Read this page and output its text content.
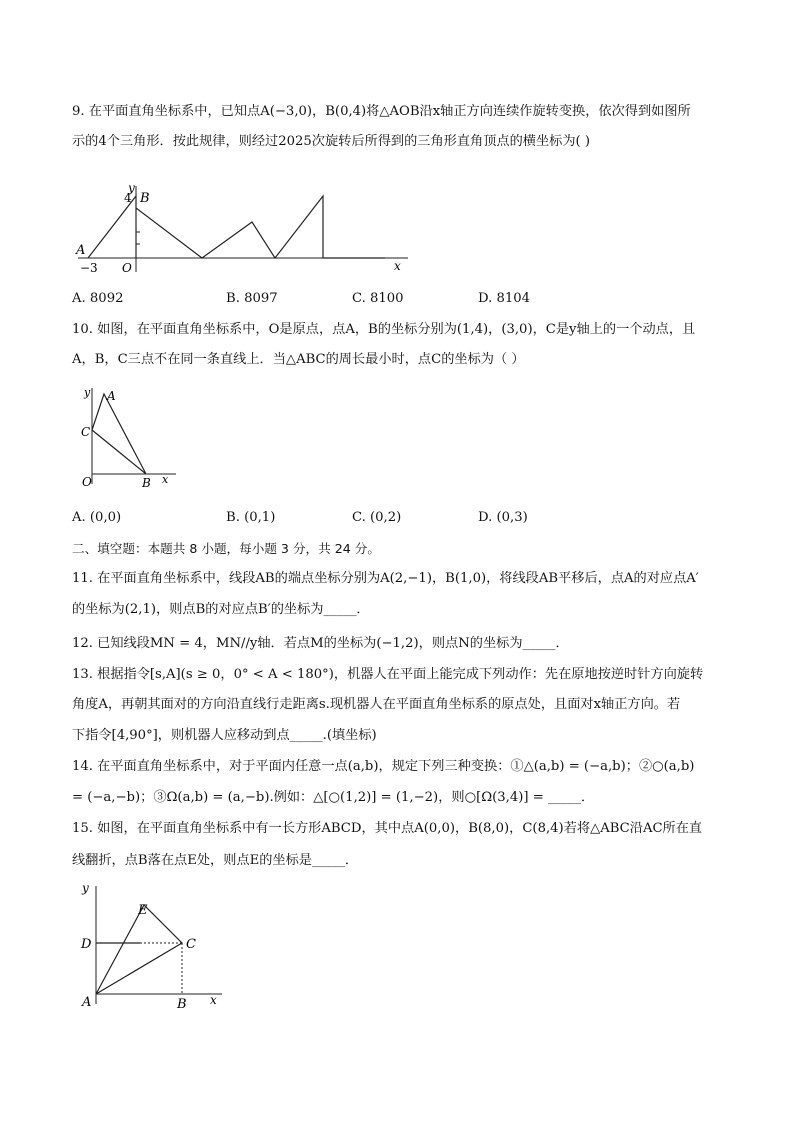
9. 在平面直角坐标系中，已知点A(−3,0)，B(0,4)将△AOB沿x轴正方向连续作旋转变换，依次得到如图所
示的4个三角形．按此规律，则经过2025次旋转后所得到的三角形直角顶点的横坐标为( )
y
4 B
A
−3 O	x
A. 8092	B. 8097	C. 8100	D. 8104
10. 如图，在平面直角坐标系中，O是原点，点A，B的坐标分别为(1,4)，(3,0)，C是y轴上的一个动点，且
A，B，C三点不在同一条直线上．当△ABC的周长最小时，点C的坐标为（ ）
y A
C
O	B x
A. (0,0)	B. (0,1)	C. (0,2)	D. (0,3)
二、填空题：本题共 8 小题，每小题 3 分，共 24 分。
11. 在平面直角坐标系中，线段AB的端点坐标分别为A(2,−1)，B(1,0)，将线段AB平移后，点A的对应点A′
的坐标为(2,1)，则点B的对应点B′的坐标为_____．
12. 已知线段MN = 4，MN//y轴．若点M的坐标为(−1,2)，则点N的坐标为_____．
13. 根据指令[s,A](s ≥ 0，0° < A < 180°)，机器人在平面上能完成下列动作：先在原地按逆时针方向旋转
角度A，再朝其面对的方向沿直线行走距离s.现机器人在平面直角坐标系的原点处，且面对x轴正方向。若
下指令[4,90°]，则机器人应移动到点_____.(填坐标)
14. 在平面直角坐标系中，对于平面内任意一点(a,b)，规定下列三种变换：①△(a,b) = (−a,b)；②○(a,b)
= (−a,−b)；③Ω(a,b) = (a,−b).例如：△[○(1,2)] = (1,−2)，则○[Ω(3,4)] = _____．
15. 如图，在平面直角坐标系中有一长方形ABCD，其中点A(0,0)，B(8,0)，C(8,4)若将△ABC沿AC所在直
线翻折，点B落在点E处，则点E的坐标是_____．
y
E
D	C
A	B x
